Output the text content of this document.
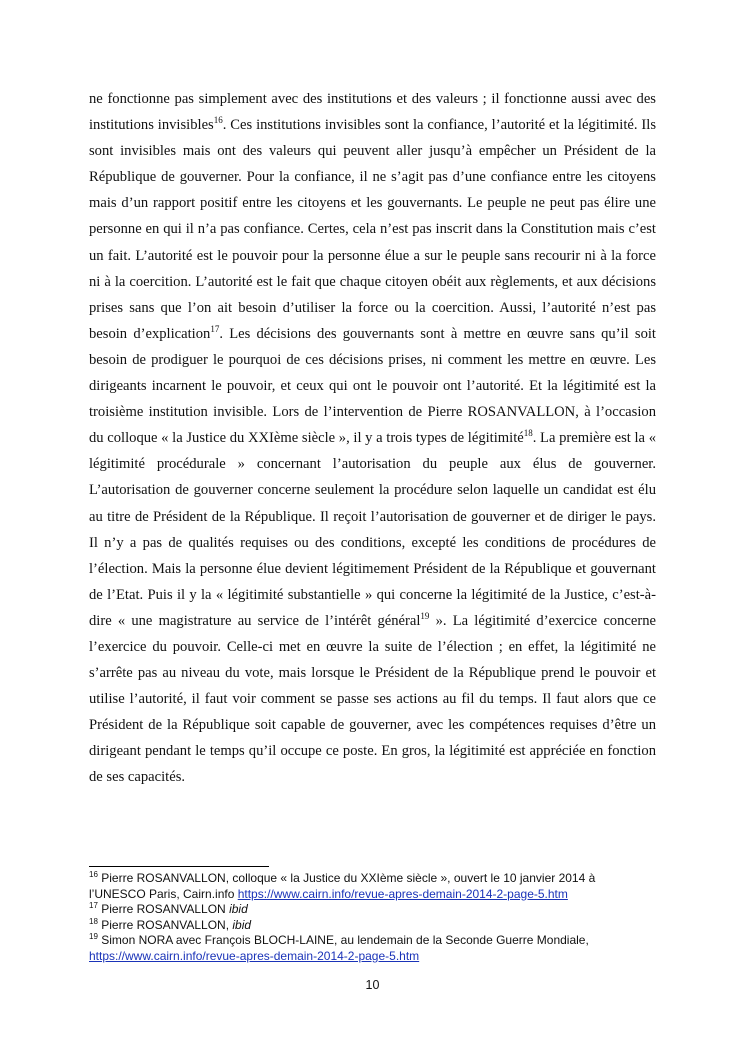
ne fonctionne pas simplement avec des institutions et des valeurs ; il fonctionne aussi avec des institutions invisibles$^{16}$. Ces institutions invisibles sont la confiance, l’autorité et la légitimité. Ils sont invisibles mais ont des valeurs qui peuvent aller jusqu’à empêcher un Président de la République de gouverner. Pour la confiance, il ne s’agit pas d’une confiance entre les citoyens mais d’un rapport positif entre les citoyens et les gouvernants. Le peuple ne peut pas élire une personne en qui il n’a pas confiance. Certes, cela n’est pas inscrit dans la Constitution mais c’est un fait. L’autorité est le pouvoir pour la personne élue a sur le peuple sans recourir ni à la force ni à la coercition. L’autorité est le fait que chaque citoyen obéit aux règlements, et aux décisions prises sans que l’on ait besoin d’utiliser la force ou la coercition. Aussi, l’autorité n’est pas besoin d’explication$^{17}$. Les décisions des gouvernants sont à mettre en œuvre sans qu’il soit besoin de prodiguer le pourquoi de ces décisions prises, ni comment les mettre en œuvre. Les dirigeants incarnent le pouvoir, et ceux qui ont le pouvoir ont l’autorité. Et la légitimité est la troisième institution invisible. Lors de l’intervention de Pierre ROSANVALLON, à l’occasion du colloque « la Justice du XXIème siècle », il y a trois types de légitimité$^{18}$. La première est la « légitimité procédurale » concernant l’autorisation du peuple aux élus de gouverner. L’autorisation de gouverner concerne seulement la procédure selon laquelle un candidat est élu au titre de Président de la République. Il reçoit l’autorisation de gouverner et de diriger le pays. Il n’y a pas de qualités requises ou des conditions, excepté les conditions de procédures de l’élection. Mais la personne élue devient légitimement Président de la République et gouvernant de l’Etat. Puis il y la « légitimité substantielle » qui concerne la légitimité de la Justice, c’est-à-dire « une magistrature au service de l’intérêt général$^{19}$ ». La légitimité d’exercice concerne l’exercice du pouvoir. Celle-ci met en œuvre la suite de l’élection ; en effet, la légitimité ne s’arrête pas au niveau du vote, mais lorsque le Président de la République prend le pouvoir et utilise l’autorité, il faut voir comment se passe ses actions au fil du temps. Il faut alors que ce Président de la République soit capable de gouverner, avec les compétences requises d’être un dirigeant pendant le temps qu’il occupe ce poste. En gros, la légitimité est appréciée en fonction de ses capacités.

$^{16}$ Pierre ROSANVALLON, colloque « la Justice du XXIème siècle », ouvert le 10 janvier 2014 à l’UNESCO Paris, Cairn.info https://www.cairn.info/revue-apres-demain-2014-2-page-5.htm

$^{17}$ Pierre ROSANVALLON ibid

$^{18}$ Pierre ROSANVALLON, ibid

$^{19}$ Simon NORA avec François BLOCH-LAINE, au lendemain de la Seconde Guerre Mondiale, https://www.cairn.info/revue-apres-demain-2014-2-page-5.htm

10
